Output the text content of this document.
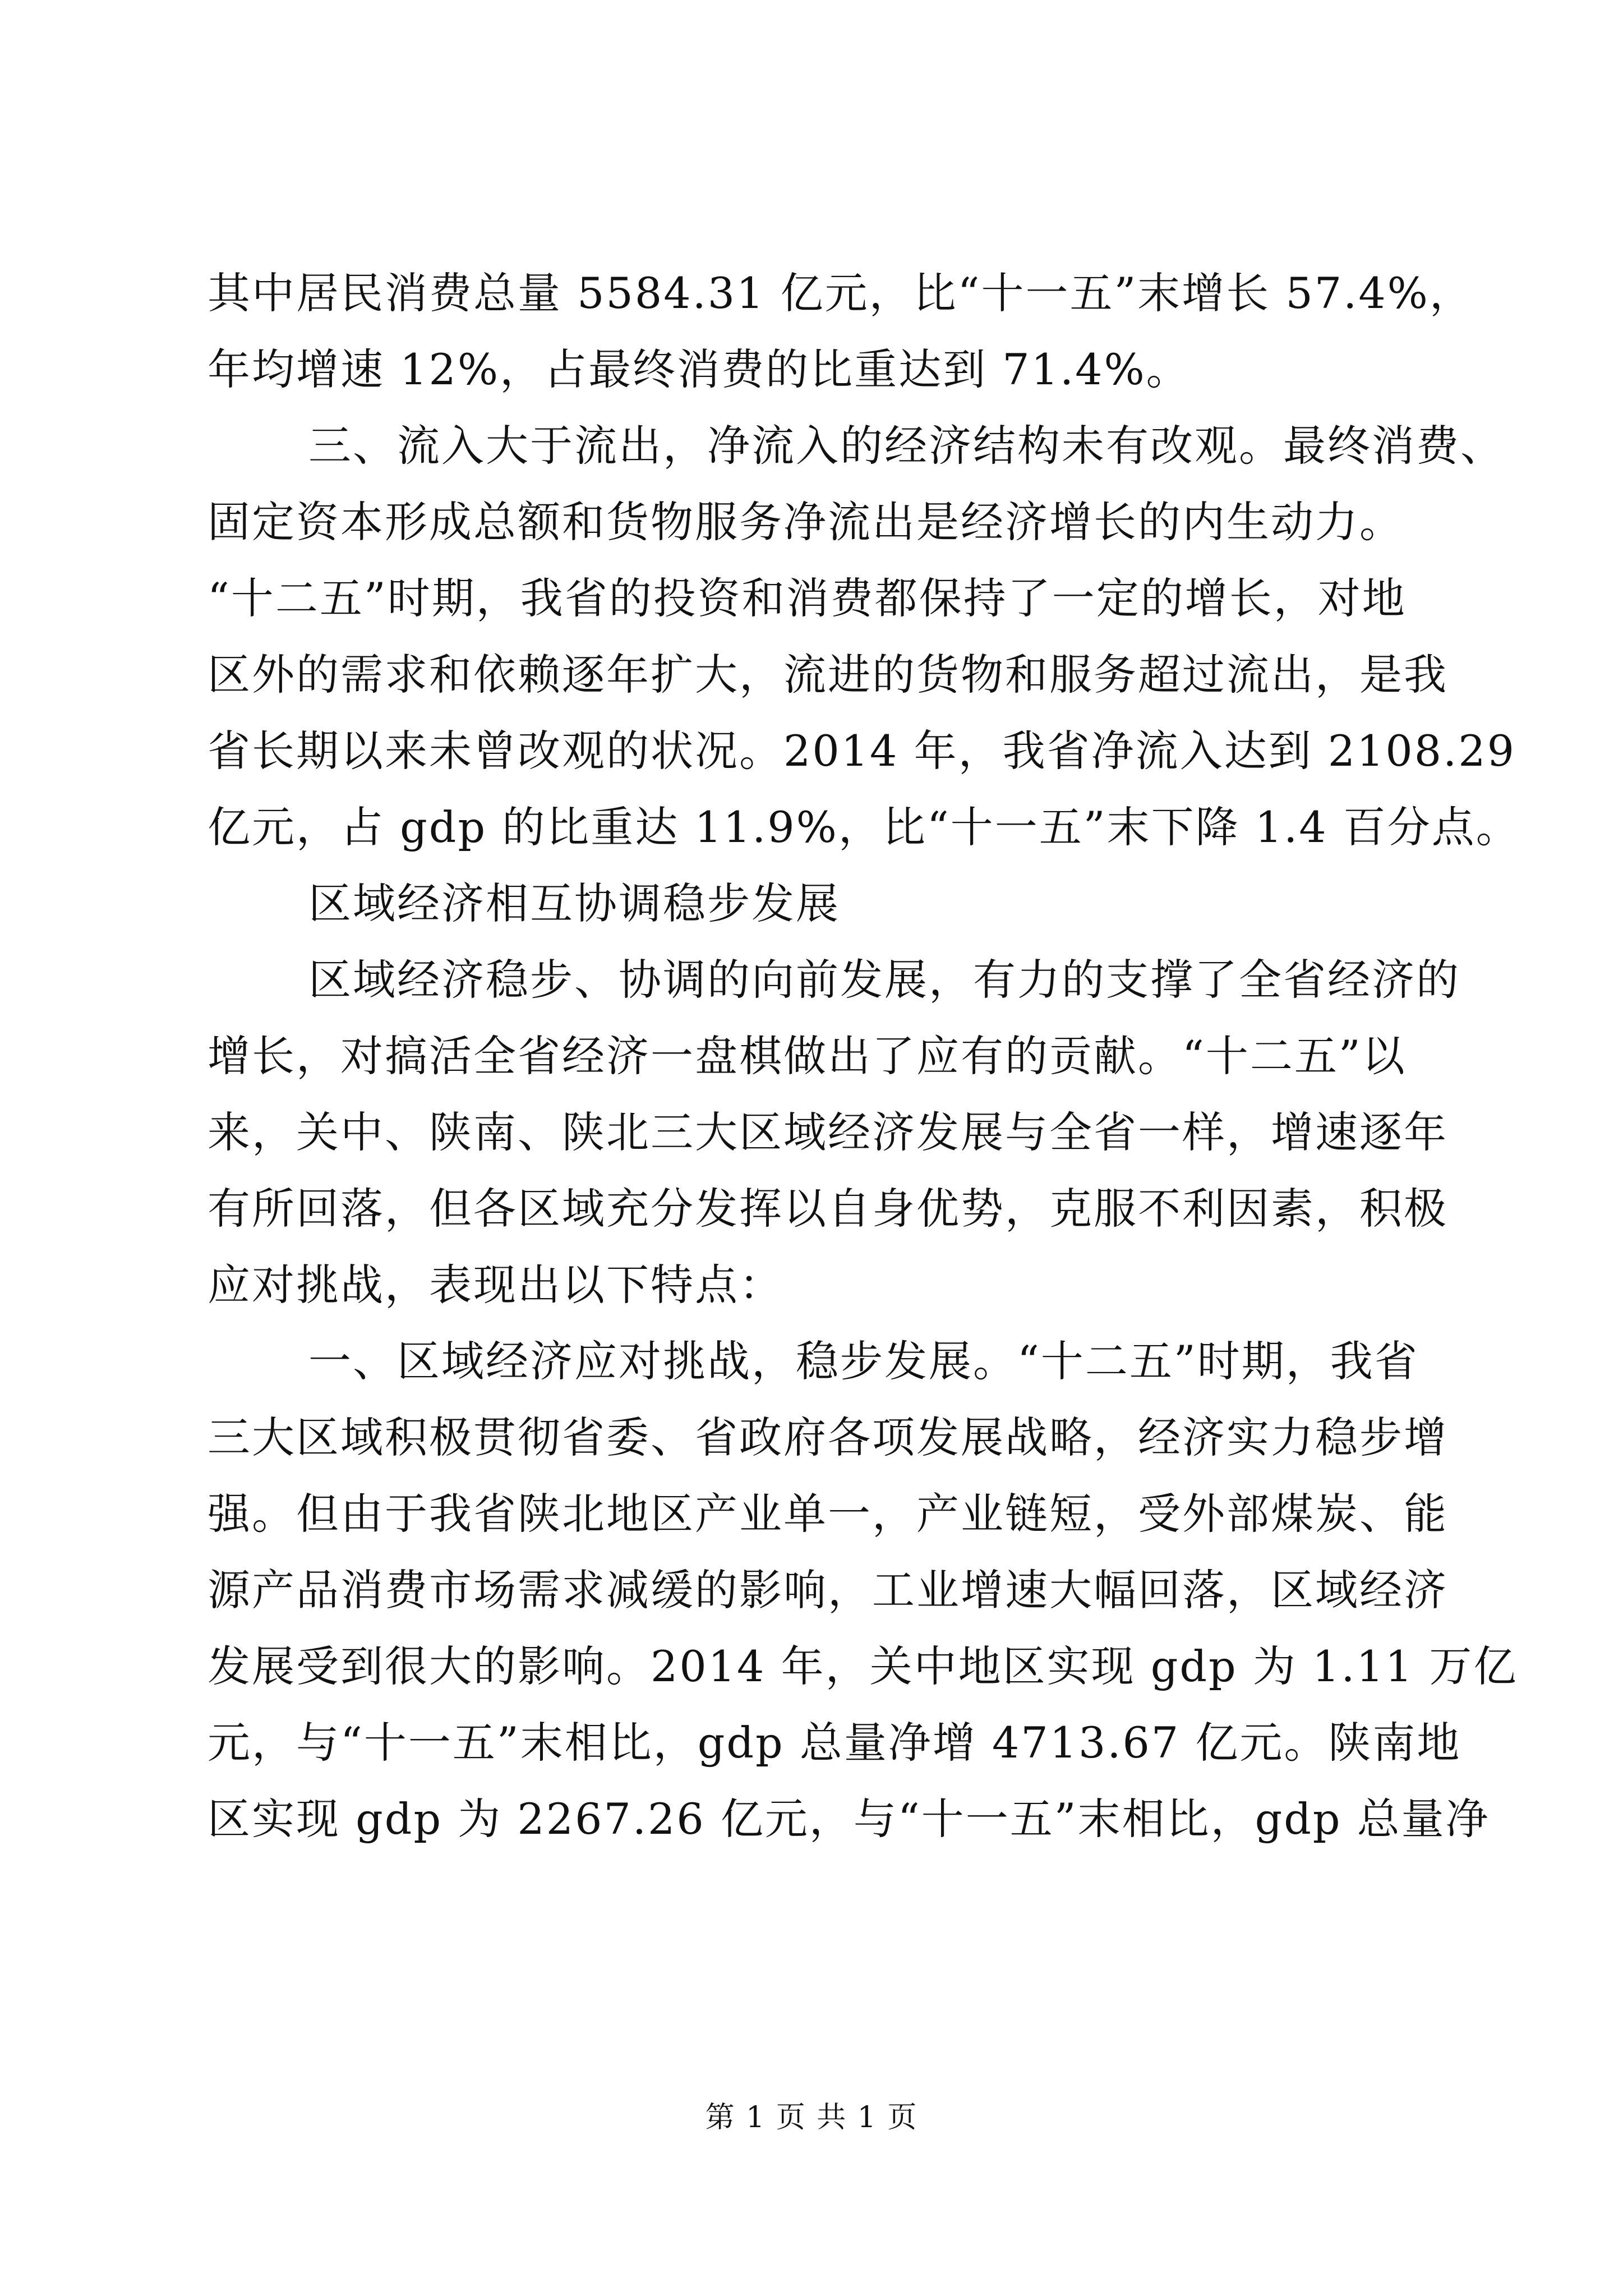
其中居民消费总量 5584.31 亿元，比“十一五”末增长 57.4%，
年均增速 12%，占最终消费的比重达到 71.4%。
三、流入大于流出，净流入的经济结构未有改观。最终消费、
固定资本形成总额和货物服务净流出是经济增长的内生动力。
“十二五”时期，我省的投资和消费都保持了一定的增长，对地
区外的需求和依赖逐年扩大，流进的货物和服务超过流出，是我
省长期以来未曾改观的状况。2014 年，我省净流入达到 2108.29
亿元，占 gdp 的比重达 11.9%，比“十一五”末下降 1.4 百分点。
区域经济相互协调稳步发展
区域经济稳步、协调的向前发展，有力的支撑了全省经济的
增长，对搞活全省经济一盘棋做出了应有的贡献。“十二五”以
来，关中、陕南、陕北三大区域经济发展与全省一样，增速逐年
有所回落，但各区域充分发挥以自身优势，克服不利因素，积极
应对挑战，表现出以下特点：
一、区域经济应对挑战，稳步发展。“十二五”时期，我省
三大区域积极贯彻省委、省政府各项发展战略，经济实力稳步增
强。但由于我省陕北地区产业单一，产业链短，受外部煤炭、能
源产品消费市场需求减缓的影响，工业增速大幅回落，区域经济
发展受到很大的影响。2014 年，关中地区实现 gdp 为 1.11 万亿
元，与“十一五”末相比，gdp 总量净增 4713.67 亿元。陕南地
区实现 gdp 为 2267.26 亿元，与“十一五”末相比，gdp 总量净
第 1 页 共 1 页
